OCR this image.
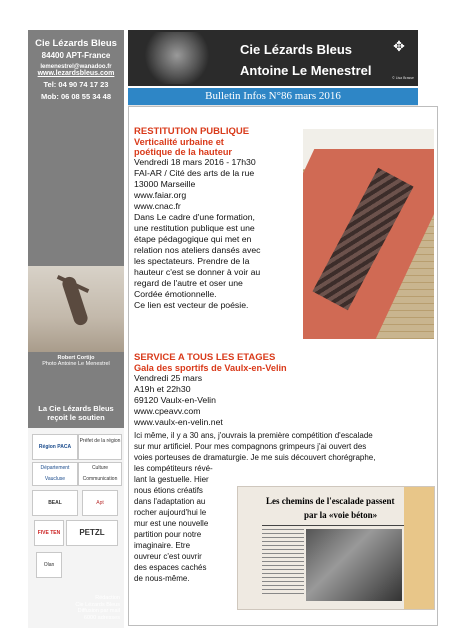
Cie Lézards Bleus
84400 APT-France
lemenestrel@wanadoo.fr
www.lezardsbleus.com
Tel: 04 90 74 17 23
Mob: 06 08 55 34 48
Robert Cortijo
Photo Antoine Le Menestrel
La Cie Lézards Bleus
reçoit le soutien
Région PACA
Préfet de la région
Département Vaucluse
Culture Communication
BEAL	Apt
FIVE TEN	PETZL
Olan
Rédaction
Cie Lézards Bleus
Diffusion par mail
6000 adresses
Cie Lézards Bleus
Antoine Le Menestrel
✥
© Lisa Brasse
Bulletin Infos N°86 mars 2016
RESTITUTION PUBLIQUE
Verticalité urbaine et
poétique de la hauteur

Vendredi 18 mars 2016 - 17h30

FAI-AR / Cité des arts de la rue

13000 Marseille

www.faiar.org

www.cnac.fr

Dans Le cadre d'une formation,

une restitution publique est une

étape pédagogique qui met en

relation nos ateliers dansés avec

les spectateurs. Prendre de la

hauteur c'est se donner à voir au

regard de l'autre et oser une

Cordée émotionnelle.

Ce lien est vecteur de poésie.

SERVICE A TOUS LES ETAGES
Gala des sportifs de Vaulx-en-Velin

Vendredi 25 mars

A19h et 22h30

69120 Vaulx-en-Velin

www.cpeavv.com

www.vaulx-en-velin.net

Ici même, il y a 30 ans, j'ouvrais la première compétition d'escalade

sur mur artificiel. Pour mes compagnons grimpeurs j'ai ouvert des

voies porteuses de dramaturgie. Je me suis découvert chorégraphe,

les compétiteurs révé-

lant la gestuelle. Hier

nous étions créatifs

dans l'adaptation au

rocher aujourd'hui le

mur est une nouvelle

partition pour notre

imaginaire. Etre

ouvreur c'est ouvrir

des espaces cachés

de nous-même.

Les chemins de l'escalade passent
par la «voie béton»
